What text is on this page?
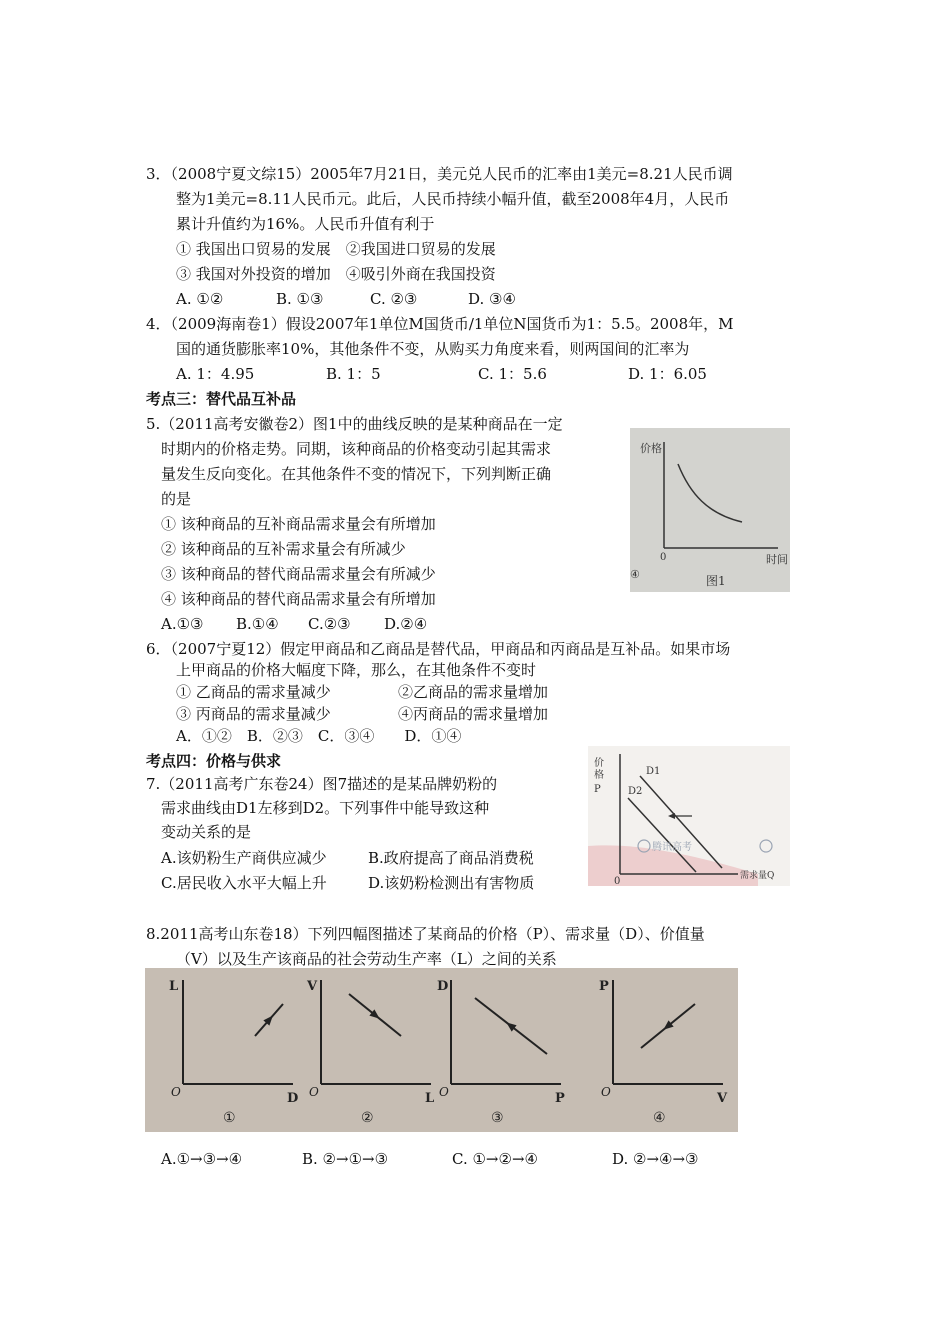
3．（2008宁夏文综15）2005年7月21日，美元兑人民币的汇率由1美元=8.21人民币调
整为1美元=8.11人民币元。此后，人民币持续小幅升值，截至2008年4月，人民币
累计升值约为16%。人民币升值有利于
① 我国出口贸易的发展　②我国进口贸易的发展
③ 我国对外投资的增加　④吸引外商在我国投资
A. ①②	B. ①③	C. ②③	D. ③④
4．（2009海南卷1）假设2007年1单位M国货币/1单位N国货币为1：5.5。2008年，M
国的通货膨胀率10%，其他条件不变，从购买力角度来看，则两国间的汇率为
A. 1：4.95	B. 1：5	C. 1：5.6	D. 1：6.05
考点三：替代品互补品
5.（2011高考安徽卷2）图1中的曲线反映的是某种商品在一定
时期内的价格走势。同期，该种商品的价格变动引起其需求
量发生反向变化。在其他条件不变的情况下，下列判断正确
的是
① 该种商品的互补商品需求量会有所增加
② 该种商品的互补需求量会有所减少
③ 该种商品的替代商品需求量会有所减少
④ 该种商品的替代商品需求量会有所增加
A.①③ B.①④ C.②③ D.②④
价格
时间
0
图1
④
6．（2007宁夏12）假定甲商品和乙商品是替代品，甲商品和丙商品是互补品。如果市场
上甲商品的价格大幅度下降，那么，在其他条件不变时
① 乙商品的需求量减少	②乙商品的需求量增加
③ 丙商品的需求量减少	④丙商品的需求量增加
A．①②　B．②③　C．③④　　D．①④
考点四：价格与供求
7.（2011高考广东卷24）图7描述的是某品牌奶粉的
需求曲线由D1左移到D2。下列事件中能导致这种
变动关系的是
A.该奶粉生产商供应减少	B.政府提高了商品消费税
C.居民收入水平大幅上升	D.该奶粉检测出有害物质
价
格
P
D1
D2
0	需求量Q
腾讯高考
8.2011高考山东卷18）下列四幅图描述了某商品的价格（P）、需求量（D）、价值量
（V）以及生产该商品的社会劳动生产率（L）之间的关系
L
D
O
①
V
L
O
②
D
P
O
③
P
V
O
④
A.①→③→④	B. ②→①→③	C. ①→②→④	D. ②→④→③
